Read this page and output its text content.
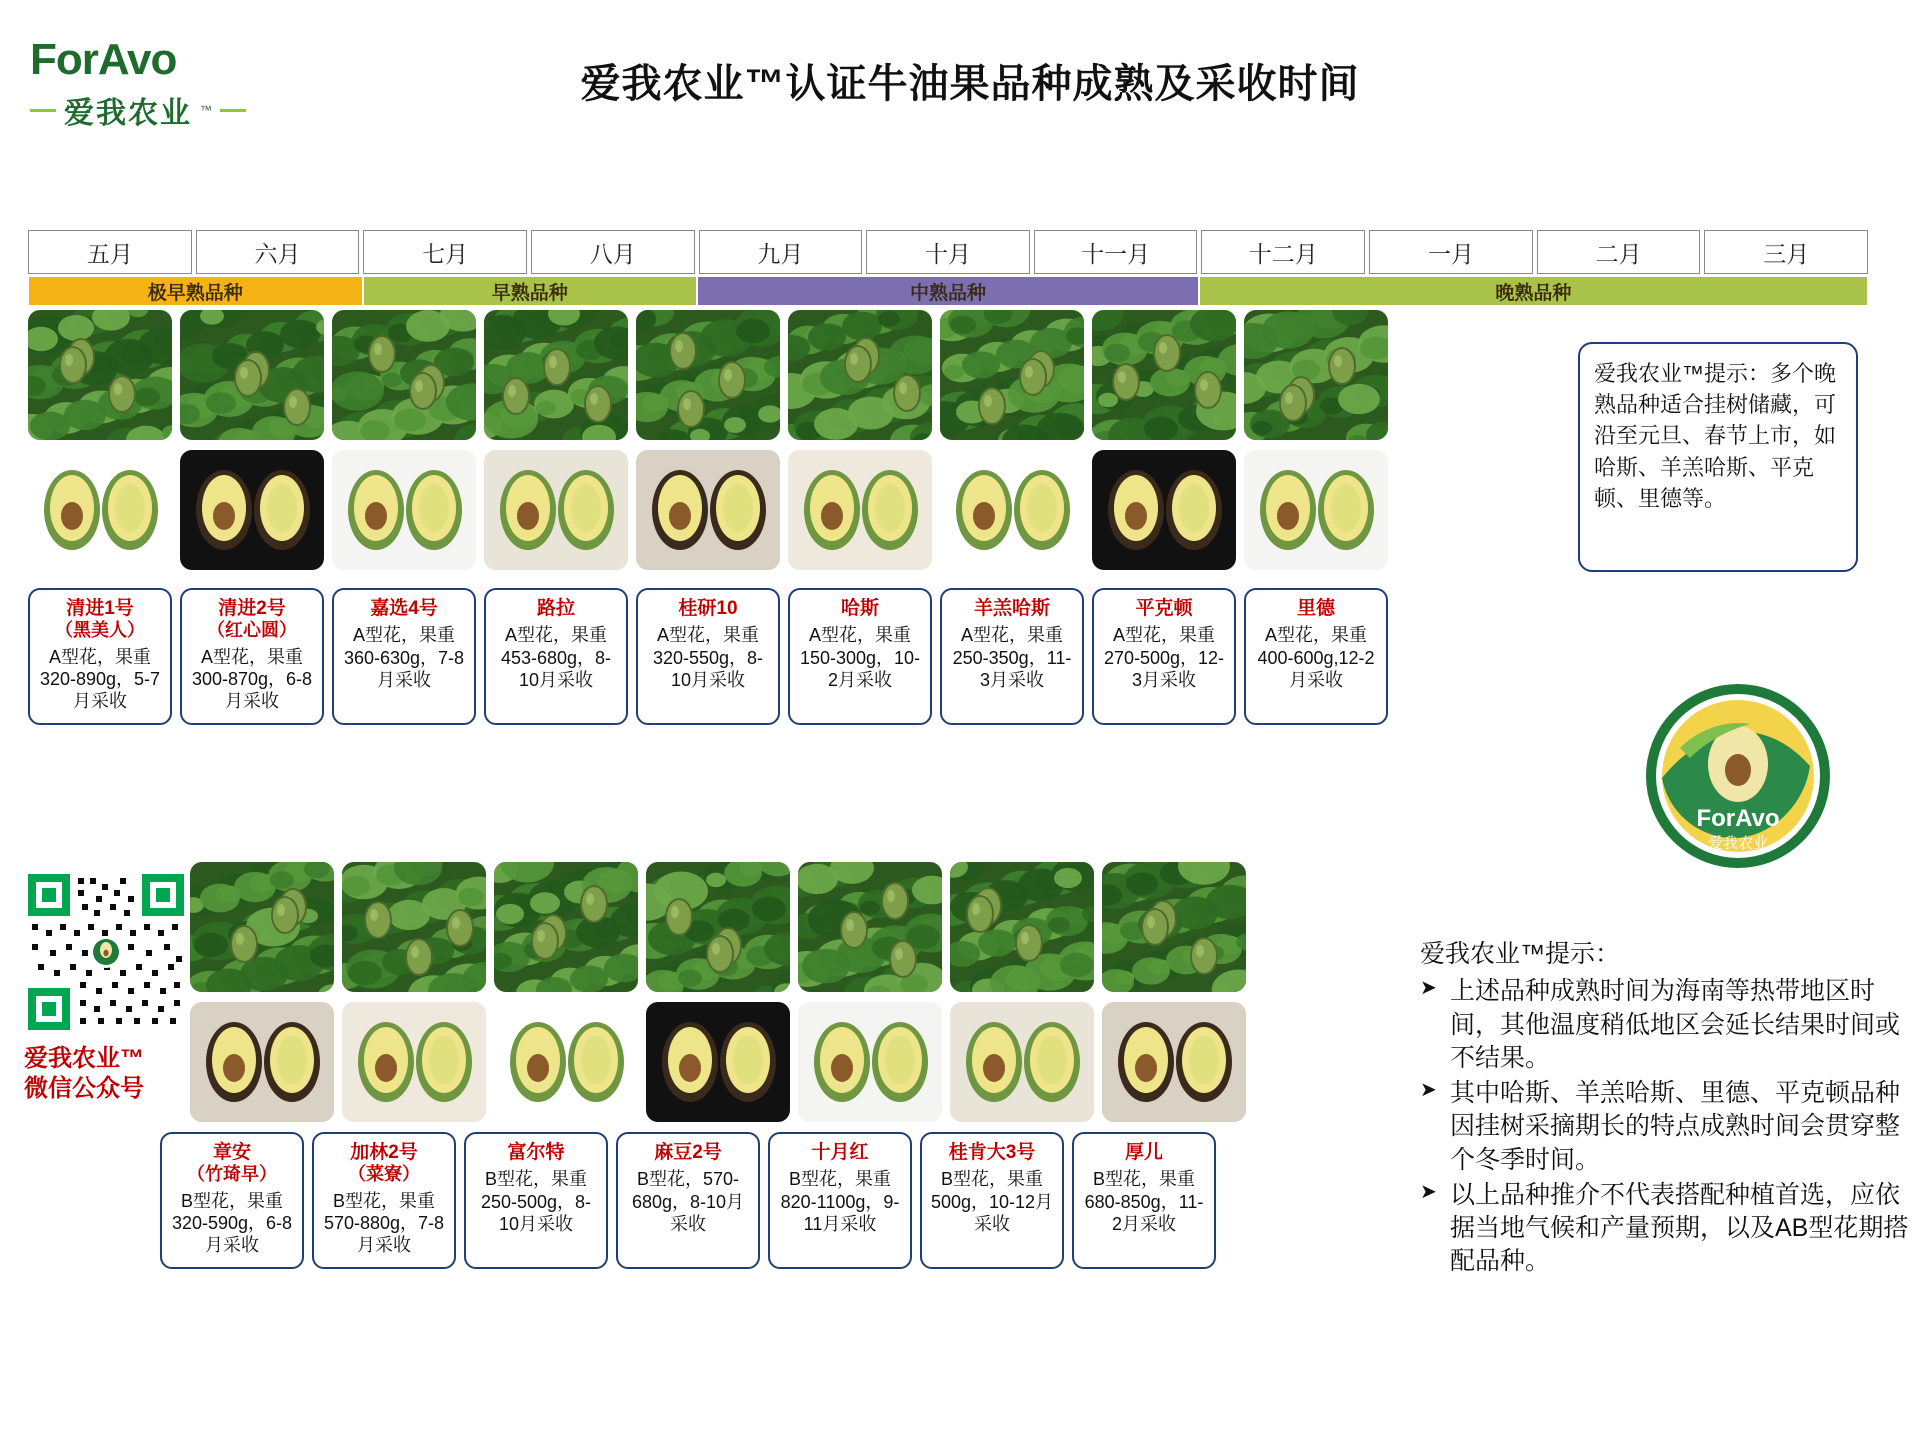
ForAvo
爱我农业 ™
爱我农业™认证牛油果品种成熟及采收时间
五月	六月	七月	八月	九月	十月	十一月	十二月	一月	二月	三月
极早熟品种	早熟品种	中熟品种	晚熟品种
清进1号
（黑美人）
A型花，果重320-890g，5-7月采收
清进2号
（红心圆）
A型花，果重300-870g，6-8月采收
嘉选4号
A型花，果重360-630g，7-8月采收
路拉
A型花，果重453-680g，8-10月采收
桂研10
A型花，果重320-550g，8-10月采收
哈斯
A型花，果重150-300g，10-2月采收
羊羔哈斯
A型花，果重250-350g，11-3月采收
平克顿
A型花，果重270-500g，12-3月采收
里德
A型花，果重400-600g,12-2月采收
爱我农业™提示：多个晚熟品种适合挂树储藏，可沿至元旦、春节上市，如哈斯、羊羔哈斯、平克顿、里德等。
ForAvo
爱我农业
爱我农业™
微信公众号
章安
（竹琦早）
B型花，果重320-590g，6-8月采收
加林2号
（菜寮）
B型花，果重570-880g，7-8月采收
富尔特
B型花，果重250-500g，8-10月采收
麻豆2号
B型花，570-680g，8-10月采收
十月红
B型花，果重820-1100g，9-11月采收
桂肯大3号
B型花，果重500g，10-12月采收
厚儿
B型花，果重680-850g，11-2月采收
爱我农业™提示：
➤ 上述品种成熟时间为海南等热带地区时间，其他温度稍低地区会延长结果时间或不结果。
➤ 其中哈斯、羊羔哈斯、里德、平克顿品种因挂树采摘期长的特点成熟时间会贯穿整个冬季时间。
➤ 以上品种推介不代表搭配种植首选，应依据当地气候和产量预期，以及AB型花期搭配品种。
